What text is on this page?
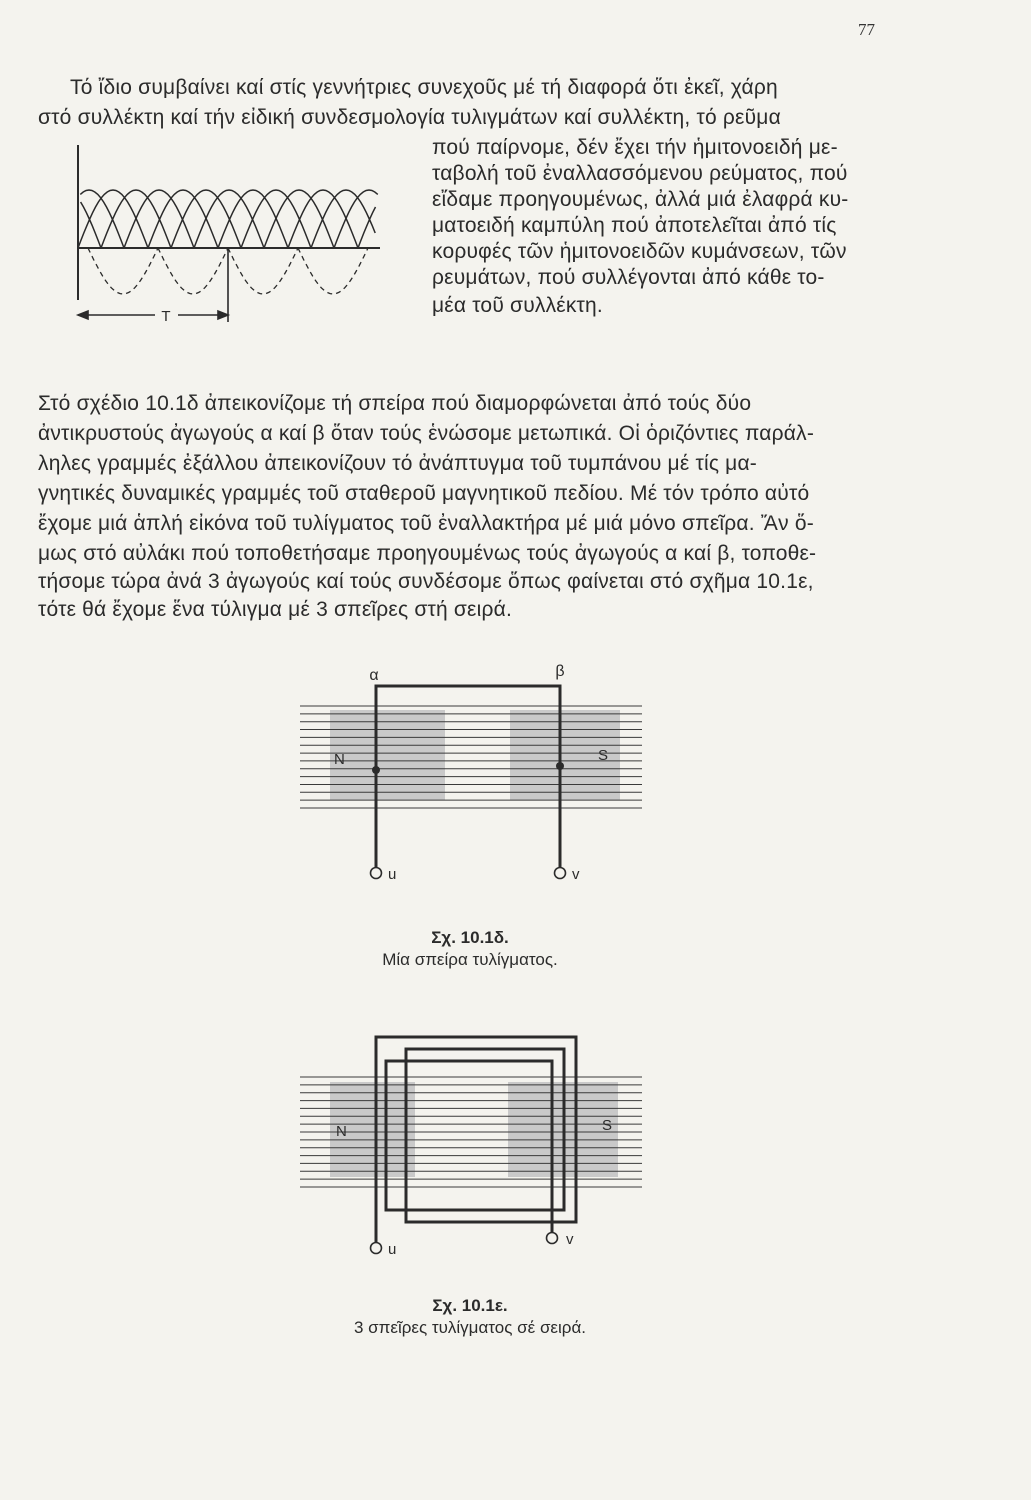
77
Τό ἴδιο συμβαίνει καί στίς γεννήτριες συνεχοῦς μέ τή διαφορά ὅτι ἐκεῖ, χάρη
στό συλλέκτη καί τήν εἰδική συνδεσμολογία τυλιγμάτων καί συλλέκτη, τό ρεῦμα
πού παίρνομε, δέν ἔχει τήν ἡμιτονοειδή με-
ταβολή τοῦ ἐναλλασσόμενου ρεύματος, πού
εἴδαμε προηγουμένως, ἀλλά μιά ἐλαφρά κυ-
ματοειδή καμπύλη πού ἀποτελεῖται ἀπό τίς
κορυφές τῶν ἡμιτονοειδῶν κυμάνσεων, τῶν
ρευμάτων, πού συλλέγονται ἀπό κάθε το-
μέα τοῦ συλλέκτη.
T
Στό σχέδιο 10.1δ ἀπεικονίζομε τή σπείρα πού διαμορφώνεται ἀπό τούς δύο
ἀντικρυστούς ἀγωγούς α καί β ὅταν τούς ἑνώσομε μετωπικά. Οἱ ὁριζόντιες παράλ-
ληλες γραμμές ἐξάλλου ἀπεικονίζουν τό ἀνάπτυγμα τοῦ τυμπάνου μέ τίς μα-
γνητικές δυναμικές γραμμές τοῦ σταθεροῦ μαγνητικοῦ πεδίου. Μέ τόν τρόπο αὐτό
ἔχομε μιά ἁπλή εἰκόνα τοῦ τυλίγματος τοῦ ἐναλλακτήρα μέ μιά μόνο σπεῖρα. Ἄν ὅ-
μως στό αὐλάκι πού τοποθετήσαμε προηγουμένως τούς ἀγωγούς α καί β, τοποθε-
τήσομε τώρα ἀνά 3 ἀγωγούς καί τούς συνδέσομε ὅπως φαίνεται στό σχῆμα 10.1ε,
τότε θά ἔχομε ἕνα τύλιγμα μέ 3 σπεῖρες στή σειρά.
α	β
N	S
u	v
Σχ. 10.1δ.
Μία σπείρα τυλίγματος.
N	S
u
v
Σχ. 10.1ε.
3 σπεῖρες τυλίγματος σέ σειρά.
